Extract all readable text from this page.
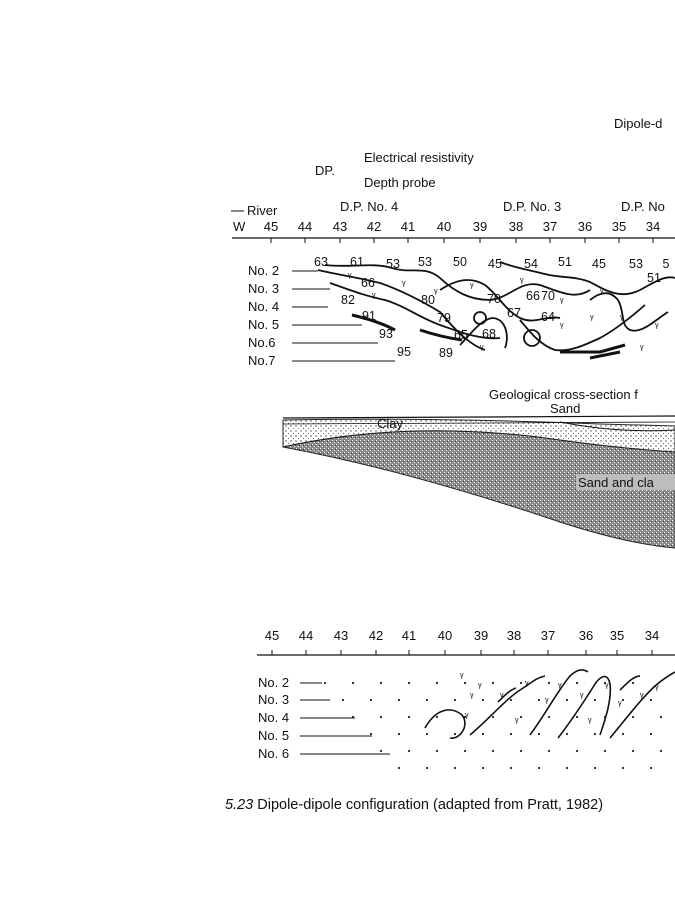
Dipole-d
DP.
Electrical resistivity
Depth probe
River	D.P. No. 4	D.P. No. 3	D.P. No
W 45 44 43 42 41 40 39 38 37 36 35 34
No. 2
No. 3
No. 4
No. 5
No.6
No.7
63 61 53 53 50 45 54 51 45 53 5
51
66
70
82	80	70
66
91	79	67 64
93	65 68
95 89
ᵞ
ᵞ
ᵞ
ᵞ	ᵞ	ᵞ
ᵞ
ᵞ
ᵞ
ᵞ
ᵞ
ᵞ
ᵞ
ᵞ
Geological cross-section f
Sand
Clay
Sand and cla
45 44 43 42 41 40 39 38 37 36 35 34
No. 2
No. 3
No. 4
No. 5
No. 6
ᵞ
ᵞ
ᵞ
ᵞ
ᵞ
ᵞ
ᵞ
ᵞ
ᵞ
ᵞ
ᵞ
ᵞ	ᵞ	ᵞ
ᵞ
5.23 Dipole-dipole configuration (adapted from Pratt, 1982)
